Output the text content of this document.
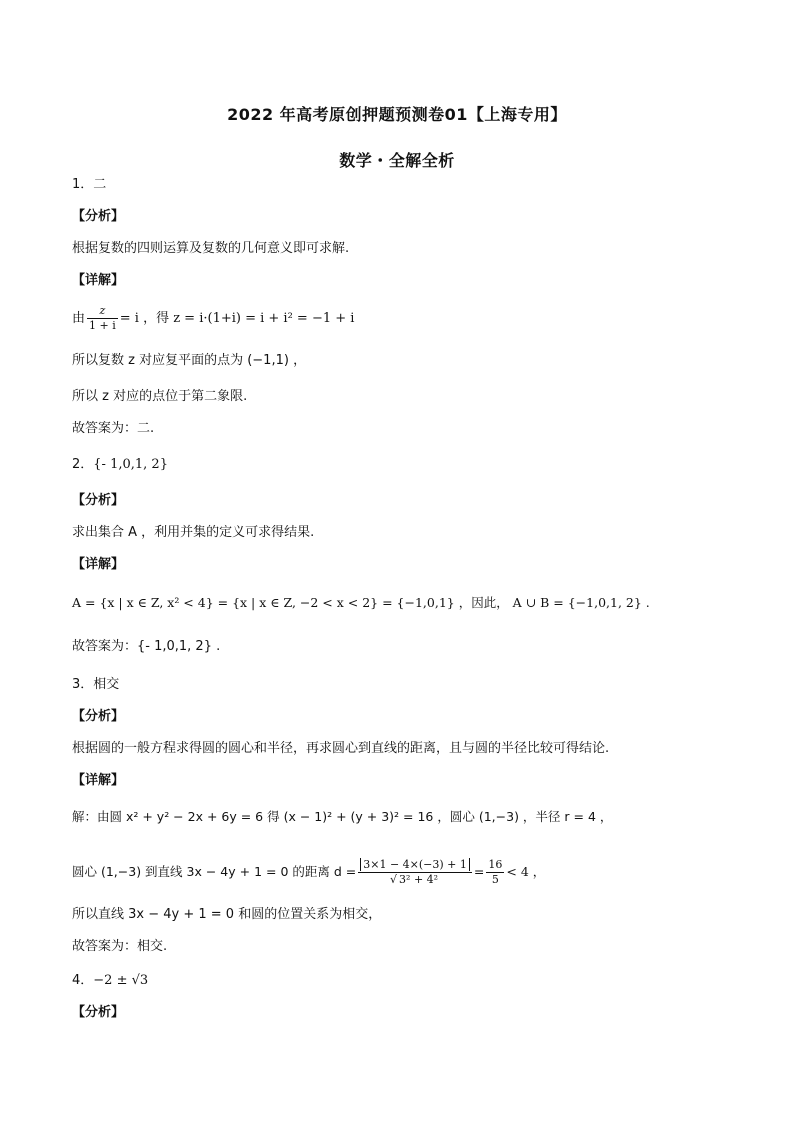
2022 年高考原创押题预测卷01【上海专用】
数学・全解全析
1．二
【分析】
根据复数的四则运算及复数的几何意义即可求解.
【详解】
由 $\frac{z}{1 + i} = i$ ，得 z = i·(1+i) = i + i² = −1 + i
所以复数 z 对应复平面的点为 (−1,1) ，
所以 z 对应的点位于第二象限.
故答案为：二.
2．{- 1,0,1, 2}
【分析】
求出集合 A ，利用并集的定义可求得结果.
【详解】
A = {x | x ∈ Z, x² < 4} = {x | x ∈ Z, −2 < x < 2} = {−1,0,1} ，因此， A ∪ B = {−1,0,1, 2} .
故答案为：{- 1,0,1, 2} .
3．相交
【分析】
根据圆的一般方程求得圆的圆心和半径，再求圆心到直线的距离，且与圆的半径比较可得结论.
【详解】
解：由圆 x² + y² − 2x + 6y = 6 得 (x − 1)² + (y + 3)² = 16 ，圆心 (1,−3) ，半径 r = 4 ，
圆心 (1,−3) 到直线 3x − 4y + 1 = 0 的距离 $d = \frac{3\times 1 - 4\times(-3) + 1}{\text{√ 3² + 4²}} = \frac{16}{5} < 4$ ，
所以直线 3x − 4y + 1 = 0 和圆的位置关系为相交，
故答案为：相交.
4．−2 ± √3
【分析】
